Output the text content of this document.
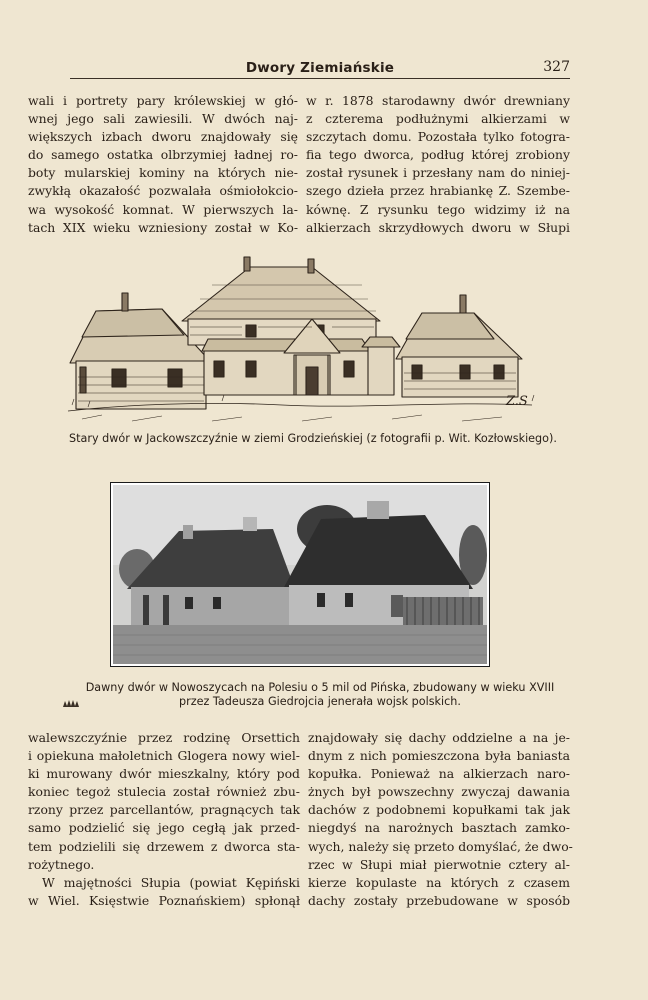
Dwory Ziemiańskie	327
wali i portrety pary królewskiej w głó-
wnej jego sali zawiesili. W dwóch naj-
większych izbach dworu znajdowały się
do samego ostatka olbrzymiej ładnej ro-
boty mularskiej kominy na których nie-
zwykłą okazałość pozwalała ośmiołokcio-
wa wysokość komnat. W pierwszych la-
tach XIX wieku wzniesiony został w Ko-
w r. 1878 starodawny dwór drewniany
z czterema podłużnymi alkierzami w
szczytach domu. Pozostała tylko fotogra-
fia tego dworca, podług której zrobiony
został rysunek i przesłany nam do niniej-
szego dzieła przez hrabiankę Z. Szembe-
kównę. Z rysunku tego widzimy iż na
alkierzach skrzydłowych dworu w Słupi
Z.S
Stary dwór w Jackowszczyźnie w ziemi Grodzieńskiej (z fotografii p. Wit. Kozłowskiego).
Dawny dwór w Nowoszycach na Polesiu o 5 mil od Pińska, zbudowany w wieku XVIII
przez Tadeusza Giedrojcia jenerała wojsk polskich.
walewszczyźnie przez rodzinę Orsettich
i opiekuna małoletnich Glogera nowy wiel-
ki murowany dwór mieszkalny, który pod
koniec tegoż stulecia został również zbu-
rzony przez parcellantów, pragnących tak
samo podzielić się jego cegłą jak przed-
tem podzielili się drzewem z dworca sta-
rożytnego.
W majętności Słupia (powiat Kępiński
w Wiel. Księstwie Poznańskiem) spłonął
znajdowały się dachy oddzielne a na je-
dnym z nich pomieszczona była baniasta
kopułka. Ponieważ na alkierzach naro-
żnych był powszechny zwyczaj dawania
dachów z podobnemi kopułkami tak jak
niegdyś na narożnych basztach zamko-
wych, należy się przeto domyślać, że dwo-
rzec w Słupi miał pierwotnie cztery al-
kierze kopulaste na których z czasem
dachy zostały przebudowane w sposób
